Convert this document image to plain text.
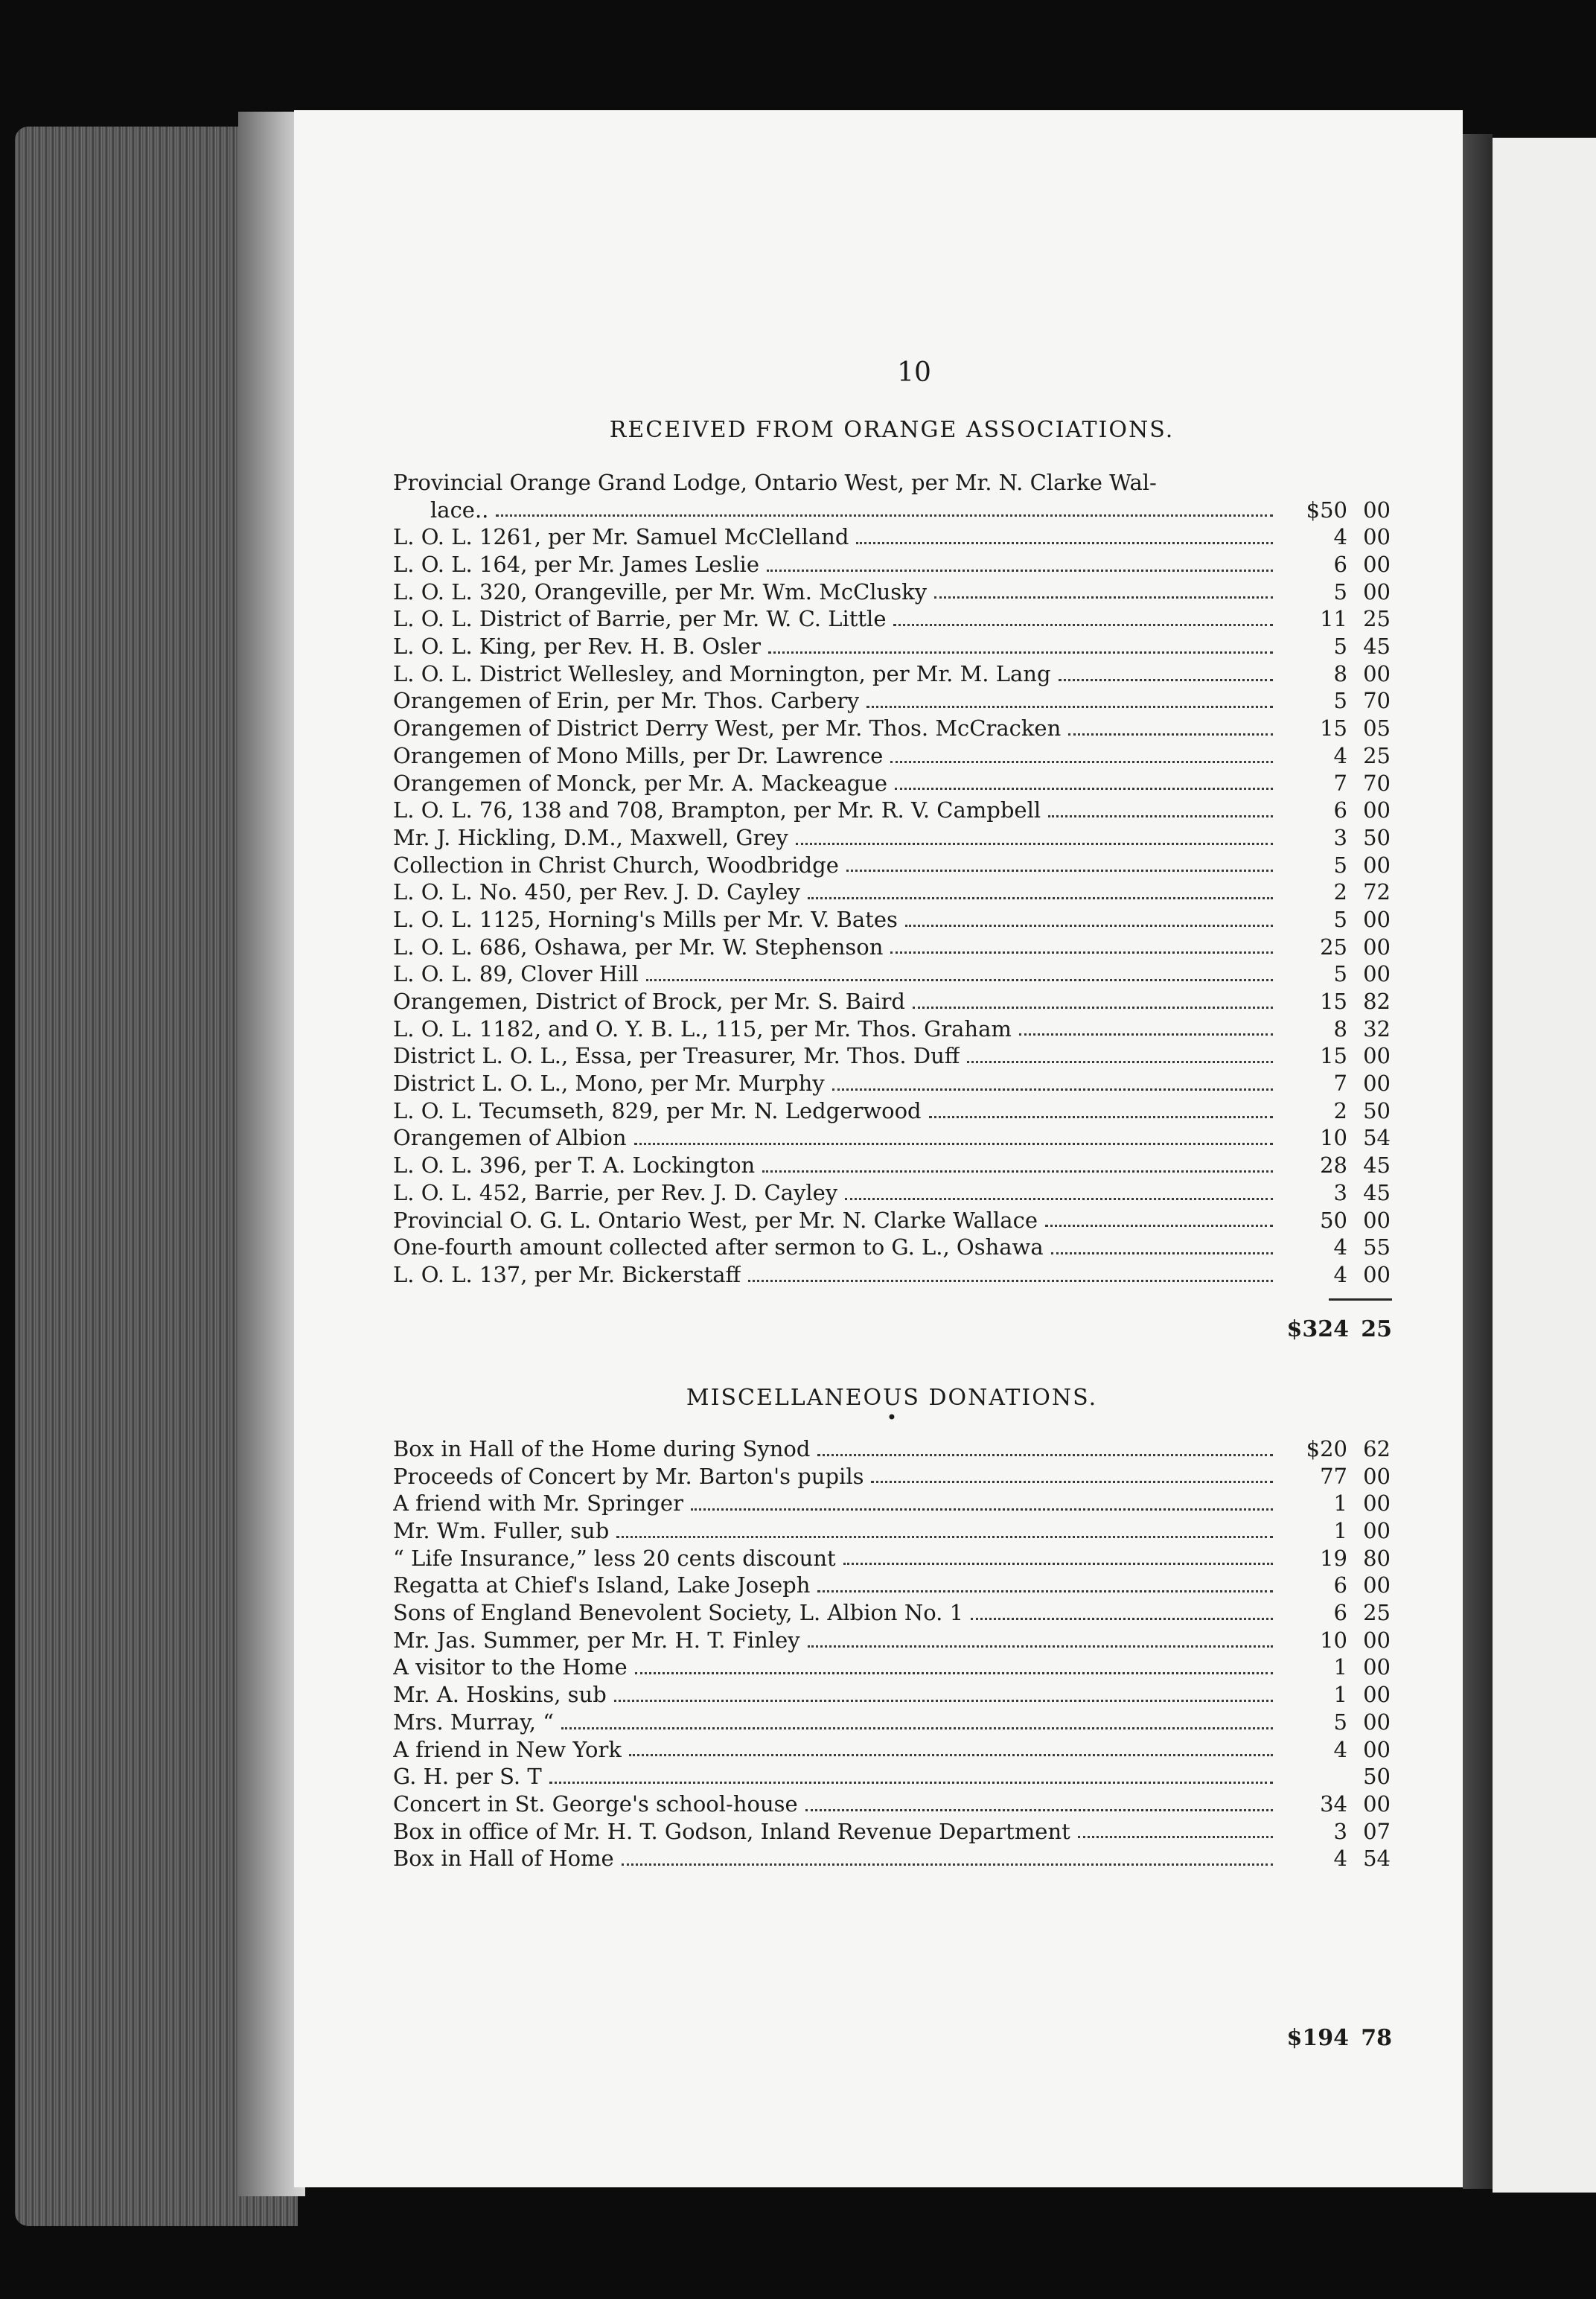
10
RECEIVED FROM ORANGE ASSOCIATIONS.
Provincial Orange Grand Lodge, Ontario West, per Mr. N. Clarke Wal-
lace..	$50 00
L. O. L. 1261, per Mr. Samuel McClelland	4 00
L. O. L. 164, per Mr. James Leslie	6 00
L. O. L. 320, Orangeville, per Mr. Wm. McClusky	5 00
L. O. L. District of Barrie, per Mr. W. C. Little	11 25
L. O. L. King, per Rev. H. B. Osler	5 45
L. O. L. District Wellesley, and Mornington, per Mr. M. Lang	8 00
Orangemen of Erin, per Mr. Thos. Carbery	5 70
Orangemen of District Derry West, per Mr. Thos. McCracken	15 05
Orangemen of Mono Mills, per Dr. Lawrence	4 25
Orangemen of Monck, per Mr. A. Mackeague	7 70
L. O. L. 76, 138 and 708, Brampton, per Mr. R. V. Campbell	6 00
Mr. J. Hickling, D.M., Maxwell, Grey	3 50
Collection in Christ Church, Woodbridge	5 00
L. O. L. No. 450, per Rev. J. D. Cayley	2 72
L. O. L. 1125, Horning's Mills per Mr. V. Bates	5 00
L. O. L. 686, Oshawa, per Mr. W. Stephenson	25 00
L. O. L. 89, Clover Hill	5 00
Orangemen, District of Brock, per Mr. S. Baird	15 82
L. O. L. 1182, and O. Y. B. L., 115, per Mr. Thos. Graham	8 32
District L. O. L., Essa, per Treasurer, Mr. Thos. Duff	15 00
District L. O. L., Mono, per Mr. Murphy	7 00
L. O. L. Tecumseth, 829, per Mr. N. Ledgerwood	2 50
Orangemen of Albion	10 54
L. O. L. 396, per T. A. Lockington	28 45
L. O. L. 452, Barrie, per Rev. J. D. Cayley	3 45
Provincial O. G. L. Ontario West, per Mr. N. Clarke Wallace	50 00
One-fourth amount collected after sermon to G. L., Oshawa	4 55
L. O. L. 137, per Mr. Bickerstaff	4 00
$324 25
MISCELLANEOUS DONATIONS.
•
Box in Hall of the Home during Synod	$20 62
Proceeds of Concert by Mr. Barton's pupils	77 00
A friend with Mr. Springer	1 00
Mr. Wm. Fuller, sub	1 00
“ Life Insurance,” less 20 cents discount	19 80
Regatta at Chief's Island, Lake Joseph	6 00
Sons of England Benevolent Society, L. Albion No. 1	6 25
Mr. Jas. Summer, per Mr. H. T. Finley	10 00
A visitor to the Home	1 00
Mr. A. Hoskins, sub	1 00
Mrs. Murray, “	5 00
A friend in New York	4 00
G. H. per S. T	50
Concert in St. George's school-house	34 00
Box in office of Mr. H. T. Godson, Inland Revenue Department	3 07
Box in Hall of Home	4 54
$194 78
